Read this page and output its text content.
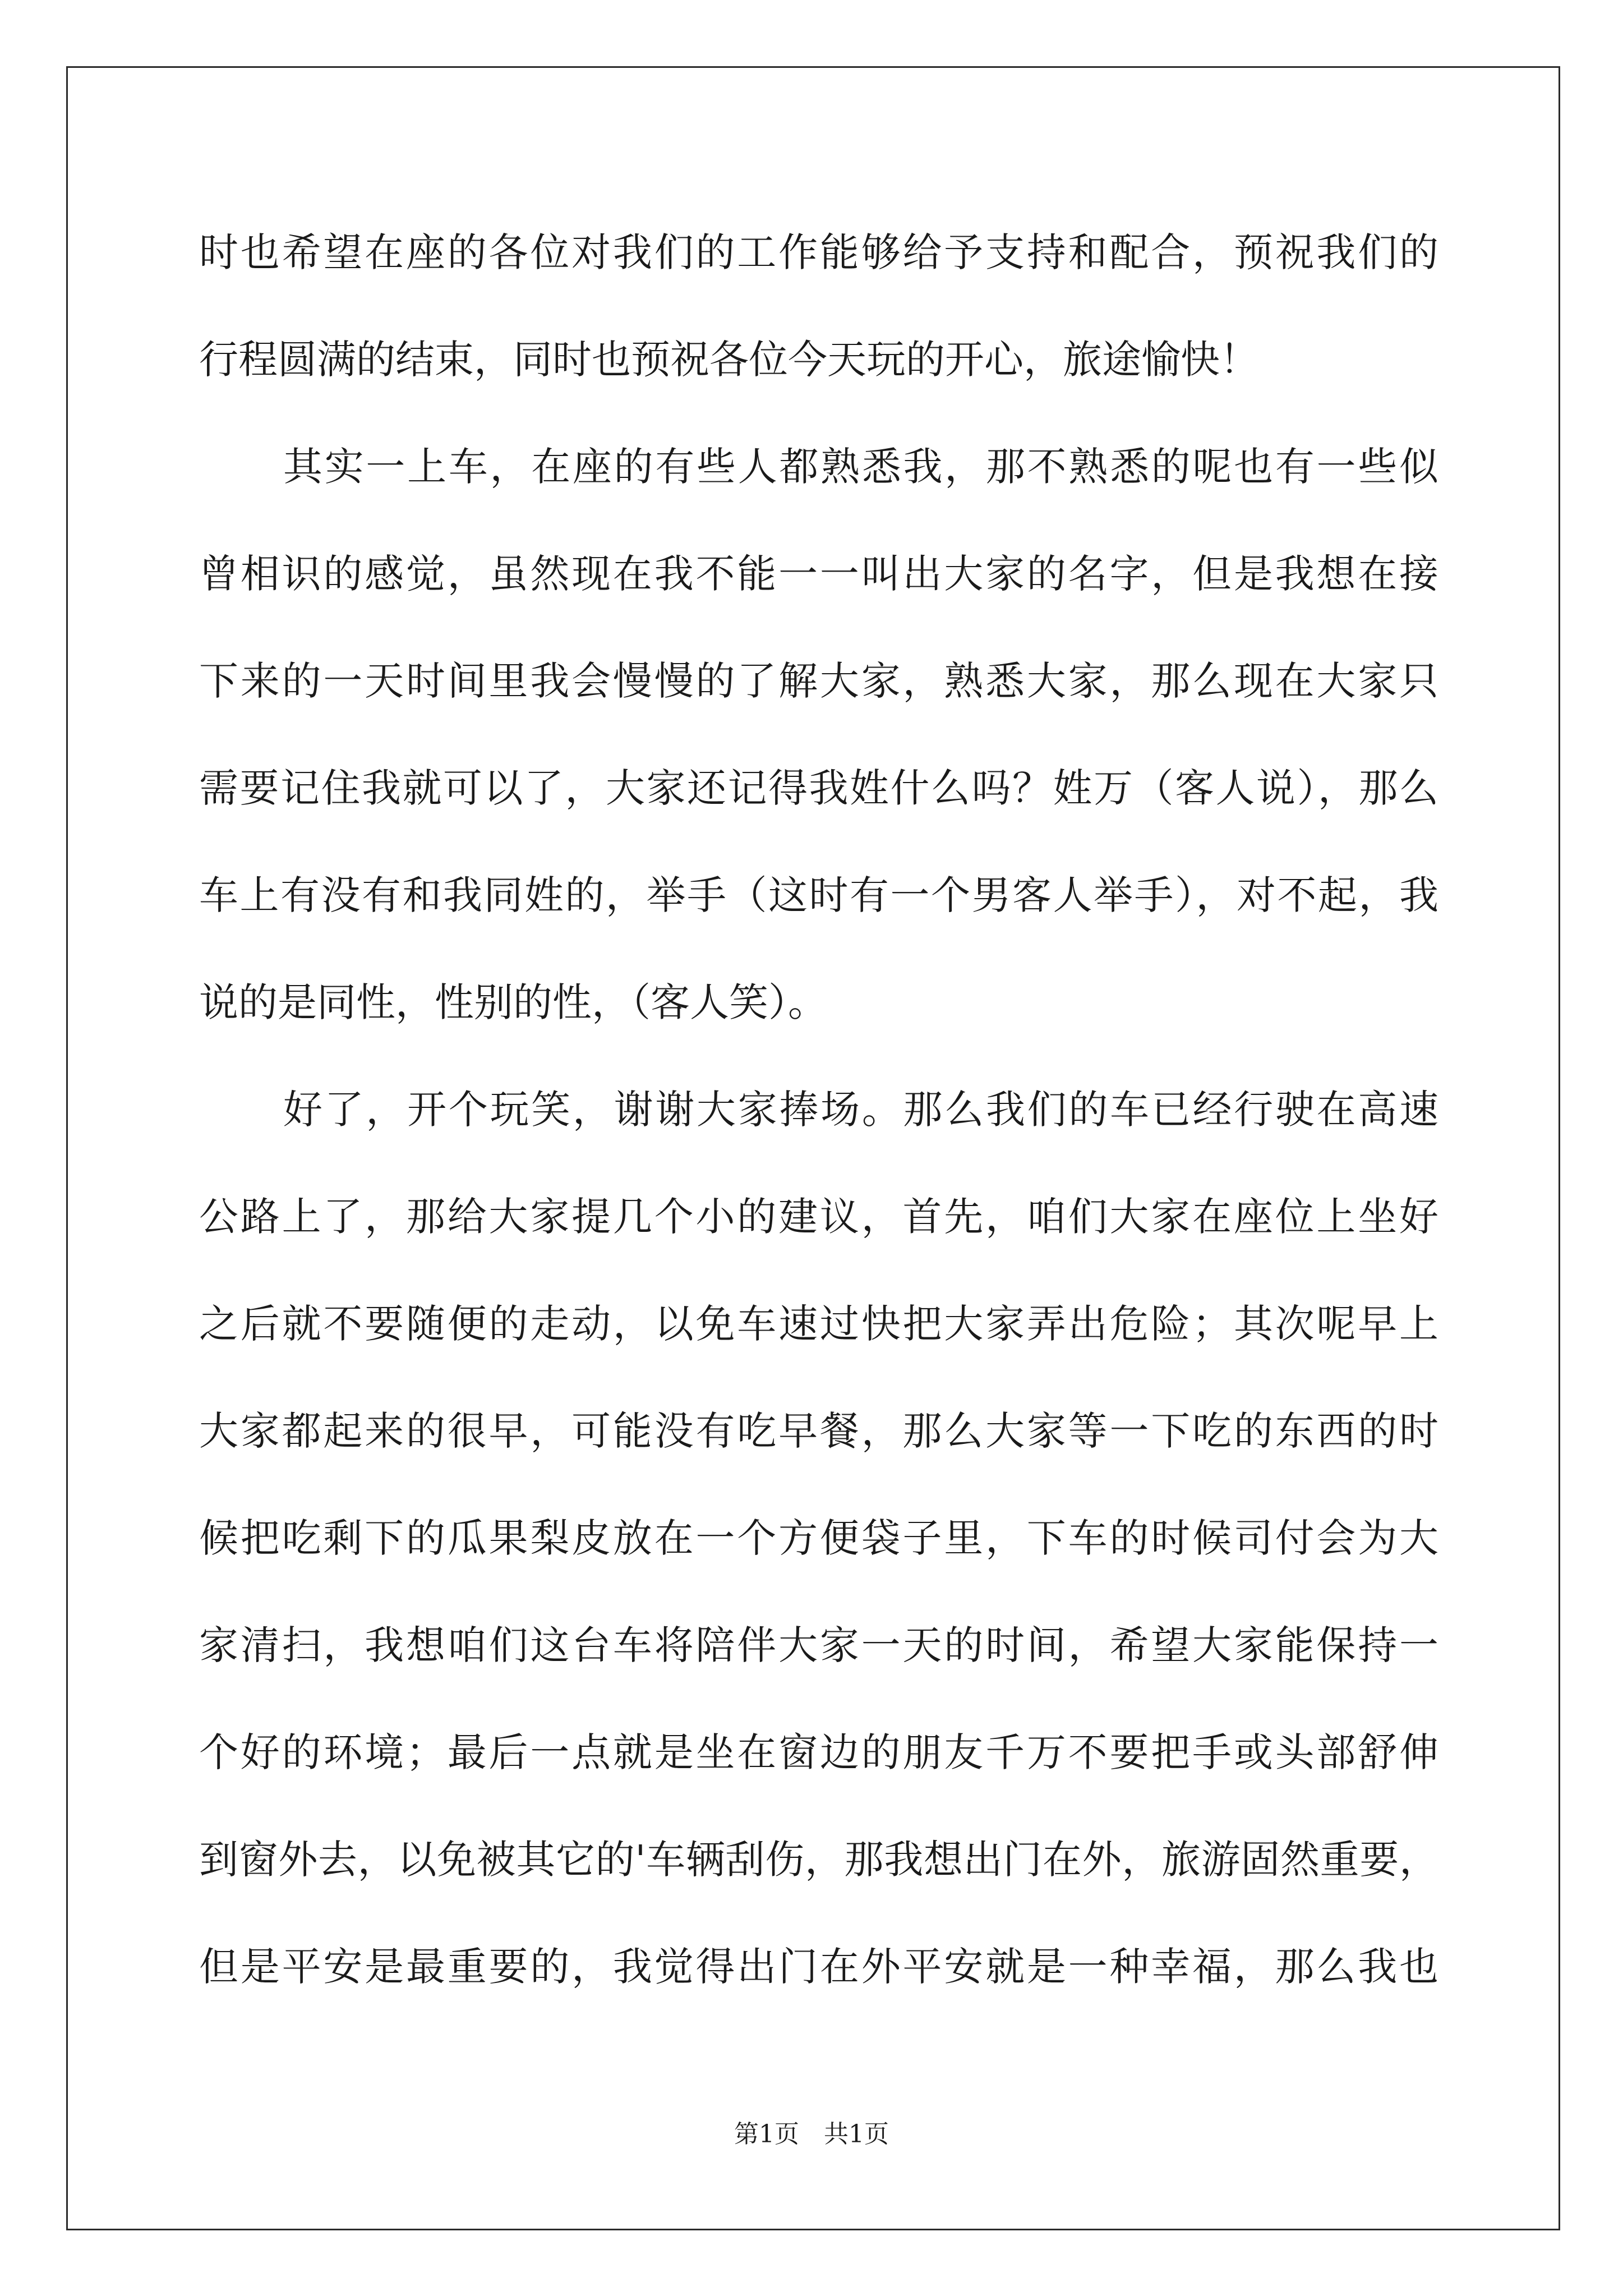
时也希望在座的各位对我们的工作能够给予支持和配合，预祝我们的
行程圆满的结束，同时也预祝各位今天玩的开心，旅途愉快！
其实一上车，在座的有些人都熟悉我，那不熟悉的呢也有一些似
曾相识的感觉，虽然现在我不能一一叫出大家的名字，但是我想在接
下来的一天时间里我会慢慢的了解大家，熟悉大家，那么现在大家只
需要记住我就可以了，大家还记得我姓什么吗？姓万（客人说），那么
车上有没有和我同姓的，举手（这时有一个男客人举手），对不起，我
说的是同性，性别的性，（客人笑）。
好了，开个玩笑，谢谢大家捧场。那么我们的车已经行驶在高速
公路上了，那给大家提几个小的建议，首先，咱们大家在座位上坐好
之后就不要随便的走动，以免车速过快把大家弄出危险；其次呢早上
大家都起来的很早，可能没有吃早餐，那么大家等一下吃的东西的时
候把吃剩下的瓜果梨皮放在一个方便袋子里，下车的时候司付会为大
家清扫，我想咱们这台车将陪伴大家一天的时间，希望大家能保持一
个好的环境；最后一点就是坐在窗边的朋友千万不要把手或头部舒伸
到窗外去，以免被其它的'车辆刮伤，那我想出门在外，旅游固然重要，
但是平安是最重要的，我觉得出门在外平安就是一种幸福，那么我也
第1页 共1页
